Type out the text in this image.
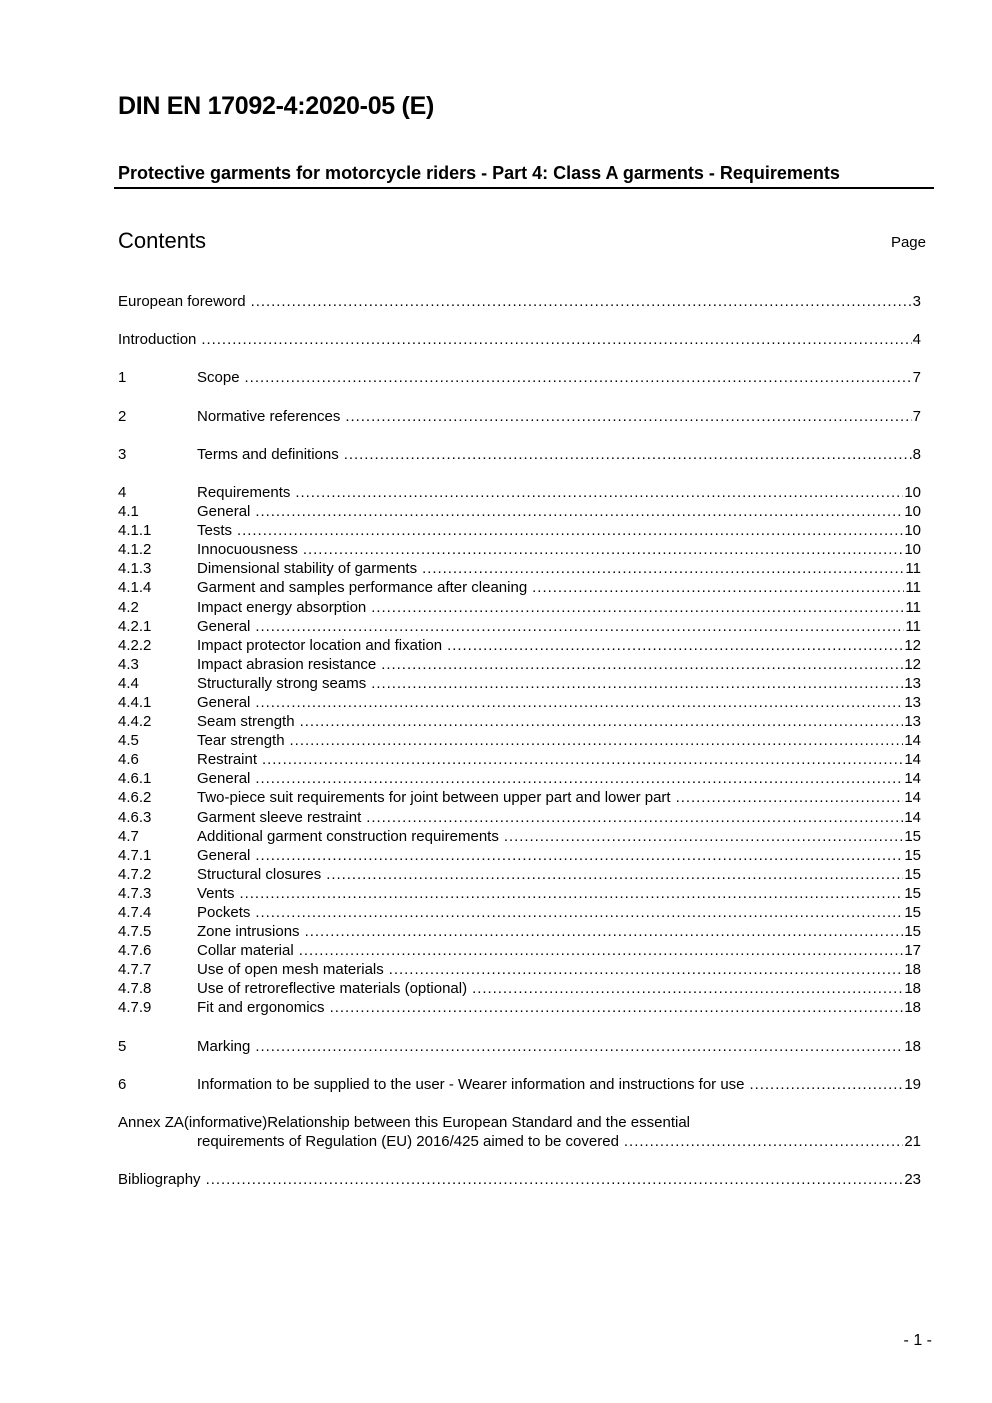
DIN EN 17092-4:2020-05 (E)
Protective garments for motorcycle riders - Part 4: Class A garments - Requirements
Contents	Page
European foreword . . .	3
Introduction . . .	4
1	Scope . . .	7
2	Normative references . . .	7
3	Terms and definitions . . .	8
4	Requirements . . .	10
4.1	General . . .	10
4.1.1	Tests . . .	10
4.1.2	Innocuousness . . .	10
4.1.3	Dimensional stability of garments . . .	11
4.1.4	Garment and samples performance after cleaning . . .	11
4.2	Impact energy absorption . . .	11
4.2.1	General . . .	11
4.2.2	Impact protector location and fixation . . .	12
4.3	Impact abrasion resistance . . .	12
4.4	Structurally strong seams . . .	13
4.4.1	General . . .	13
4.4.2	Seam strength . . .	13
4.5	Tear strength . . .	14
4.6	Restraint . . .	14
4.6.1	General . . .	14
4.6.2	Two-piece suit requirements for joint between upper part and lower part . . .	14
4.6.3	Garment sleeve restraint . . .	14
4.7	Additional garment construction requirements . . .	15
4.7.1	General . . .	15
4.7.2	Structural closures . . .	15
4.7.3	Vents . . .	15
4.7.4	Pockets . . .	15
4.7.5	Zone intrusions . . .	15
4.7.6	Collar material . . .	17
4.7.7	Use of open mesh materials . . .	18
4.7.8	Use of retroreflective materials (optional) . . .	18
4.7.9	Fit and ergonomics . . .	18
5	Marking . . .	18
6	Information to be supplied to the user - Wearer information and instructions for use . . .	19
Annex ZA(informative)Relationship between this European Standard and the essential
requirements of Regulation (EU) 2016/425 aimed to be covered . . .	21
Bibliography . . .	23
- 1 -
